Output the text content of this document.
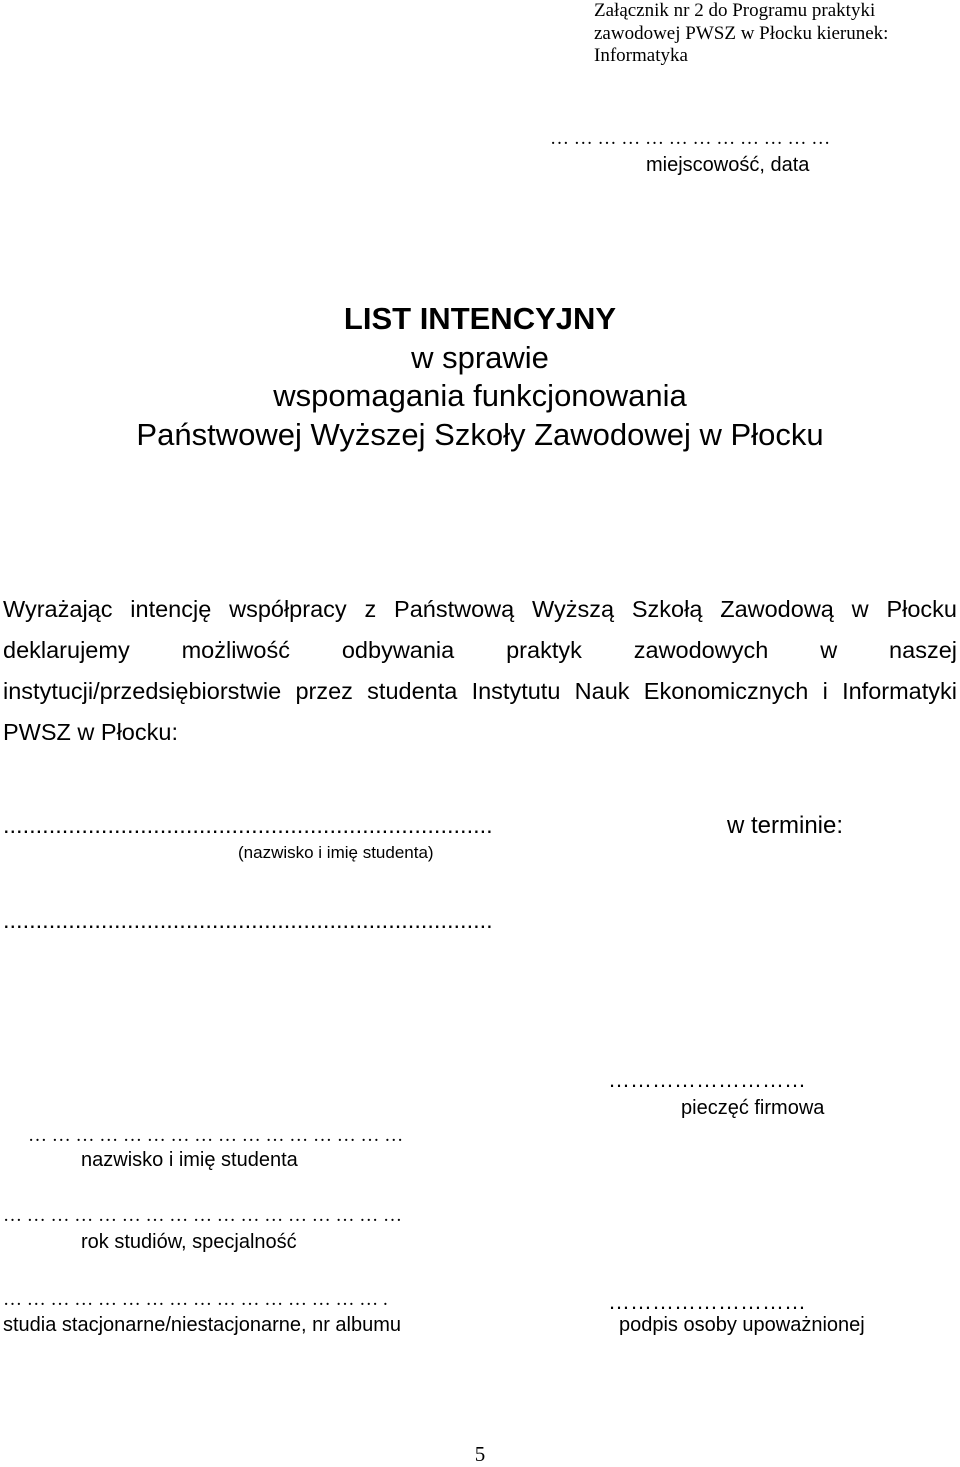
Załącznik nr 2 do Programu praktyki zawodowej PWSZ w Płocku kierunek: Informatyka
… … … … … … … … … … … …
miejscowość, data
LIST INTENCYJNY
w sprawie
wspomagania funkcjonowania
Państwowej Wyższej Szkoły Zawodowej w Płocku
Wyrażając intencję współpracy z Państwową Wyższą Szkołą Zawodową w Płocku deklarujemy możliwość odbywania praktyk zawodowych w naszej instytucji/przedsiębiorstwie przez studenta Instytutu Nauk Ekonomicznych i Informatyki PWSZ w Płocku:
...........................................................................	w terminie:
(nazwisko i imię studenta)
...........................................................................
………………………
pieczęć firmowa
… … … … … … … … … … … … … … … …
nazwisko i imię studenta
… … … … … … … … … … … … … … … … …
rok studiów, specjalność
… … … … … … … … … … … … … … … … .
studia stacjonarne/niestacjonarne, nr albumu
………………………
podpis osoby upoważnionej
5
